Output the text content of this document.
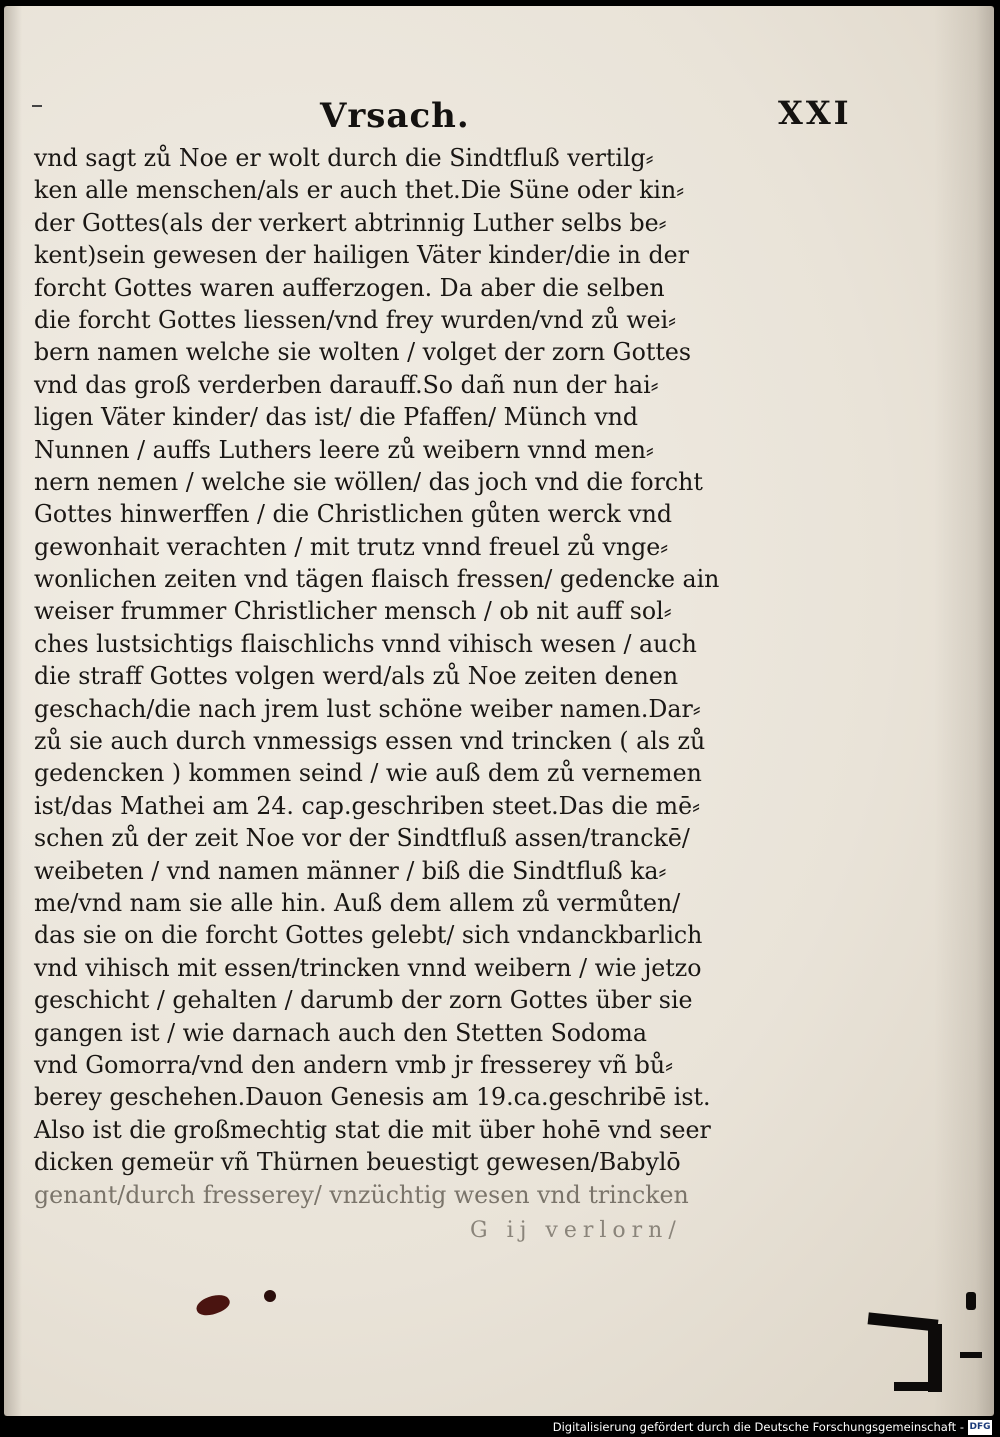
Vrsach.	XXI
vnd sagt zů Noe er wolt durch die Sindtfluß vertilg⸗
ken alle menschen/als er auch thet.Die Süne oder kin⸗
der Gottes(als der verkert abtrinnig Luther selbs be⸗
kent)sein gewesen der hailigen Väter kinder/die in der
forcht Gottes waren aufferzogen. Da aber die selben
die forcht Gottes liessen/vnd frey wurden/vnd zů wei⸗
bern namen welche sie wolten / volget der zorn Gottes
vnd das groß verderben darauff.So dañ nun der hai⸗
ligen Väter kinder/ das ist/ die Pfaffen/ Münch vnd
Nunnen / auffs Luthers leere zů weibern vnnd men⸗
nern nemen / welche sie wöllen/ das joch vnd die forcht
Gottes hinwerffen / die Christlichen gůten werck vnd
gewonhait verachten / mit trutz vnnd freuel zů vnge⸗
wonlichen zeiten vnd tägen flaisch fressen/ gedencke ain
weiser frummer Christlicher mensch / ob nit auff sol⸗
ches lustsichtigs flaischlichs vnnd vihisch wesen / auch
die straff Gottes volgen werd/als zů Noe zeiten denen
geschach/die nach jrem lust schöne weiber namen.Dar⸗
zů sie auch durch vnmessigs essen vnd trincken ( als zů
gedencken ) kommen seind / wie auß dem zů vernemen
ist/das Mathei am 24. cap.geschriben steet.Das die mē⸗
schen zů der zeit Noe vor der Sindtfluß assen/tranckē/
weibeten / vnd namen männer / biß die Sindtfluß ka⸗
me/vnd nam sie alle hin. Auß dem allem zů vermůten/
das sie on die forcht Gottes gelebt/ sich vndanckbarlich
vnd vihisch mit essen/trincken vnnd weibern / wie jetzo
geschicht / gehalten / darumb der zorn Gottes über sie
gangen ist / wie darnach auch den Stetten Sodoma
vnd Gomorra/vnd den andern vmb jr fresserey vñ bů⸗
berey geschehen.Dauon Genesis am 19.ca.geschribē ist.
Also ist die großmechtig stat die mit über hohē vnd seer
dicken gemeür vñ Thürnen beuestigt gewesen/Babylō
genant/durch fresserey/ vnzüchtig wesen vnd trincken
G ij verlorn/
Digitalisierung gefördert durch die Deutsche Forschungsgemeinschaft - DFG
